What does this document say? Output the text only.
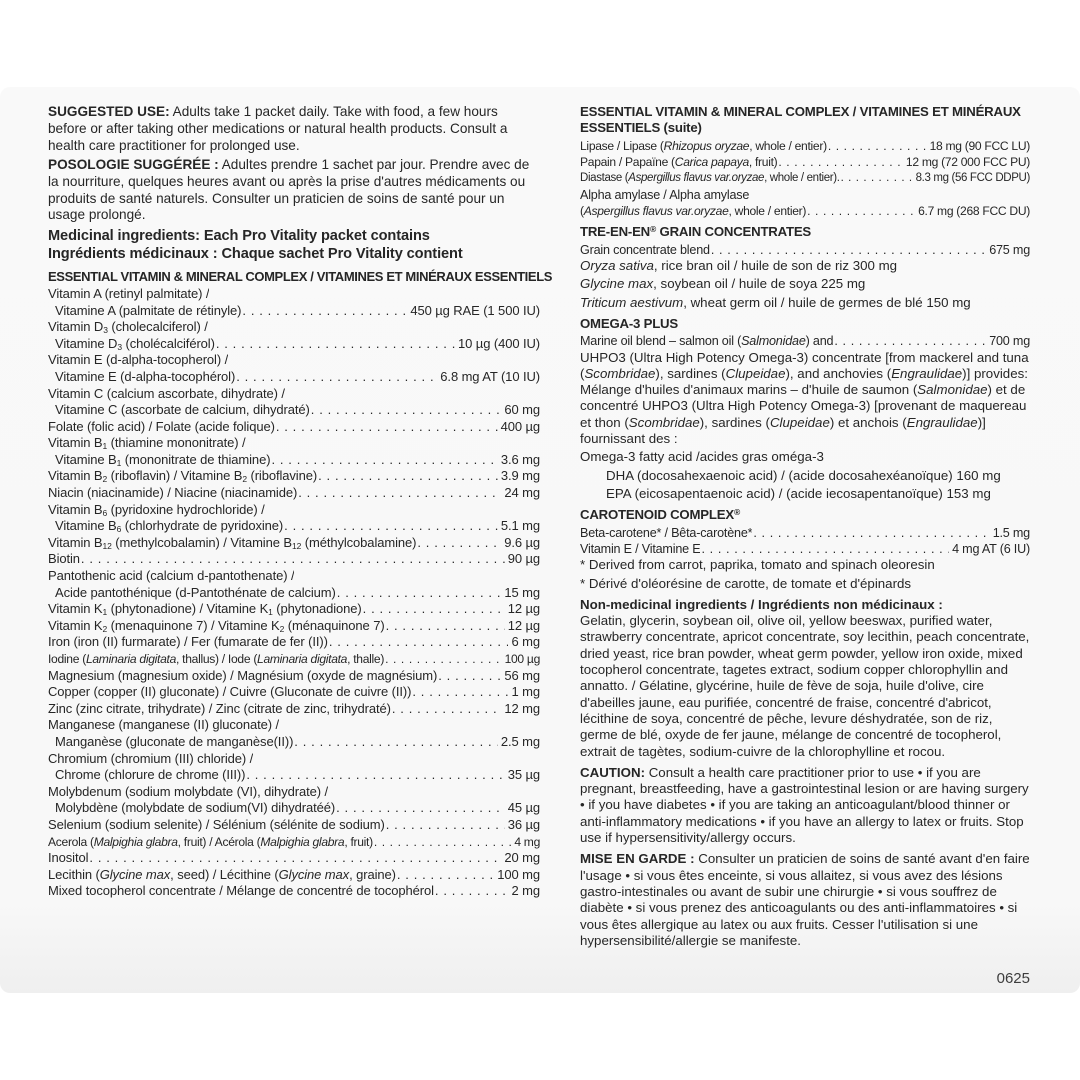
SUGGESTED USE: Adults take 1 packet daily. Take with food, a few hours before or after taking other medications or natural health products. Consult a health care practitioner for prolonged use.
POSOLOGIE SUGGÉRÉE : Adultes prendre 1 sachet par jour. Prendre avec de la nourriture, quelques heures avant ou après la prise d'autres médicaments ou produits de santé naturels. Consulter un praticien de soins de santé pour un usage prolongé.
Medicinal ingredients: Each Pro Vitality packet contains
Ingrédients médicinaux : Chaque sachet Pro Vitality contient
ESSENTIAL VITAMIN & MINERAL COMPLEX / VITAMINES ET MINÉRAUX ESSENTIELS
Vitamin A (retinyl palmitate) /
Vitamine A (palmitate de rétinyle) . . .	450 µg RAE (1 500 IU)
Vitamin $D_3$ (cholecalciferol) /
Vitamine $D_3$ (cholécalciférol) . . .	10 µg (400 IU)
Vitamin E (d-alpha-tocopherol) /
Vitamine E (d-alpha-tocophérol) . . .	6.8 mg AT (10 IU)
Vitamin C (calcium ascorbate, dihydrate) /
Vitamine C (ascorbate de calcium, dihydraté) . . .	60 mg
Folate (folic acid) / Folate (acide folique) . . .	400 µg
Vitamin $B_1$ (thiamine mononitrate) /
Vitamine $B_1$ (mononitrate de thiamine) . . .	3.6 mg
Vitamin $B_2$ (riboflavin) / Vitamine $B_2$ (riboflavine) . . .	3.9 mg
Niacin (niacinamide) / Niacine (niacinamide) . . .	24 mg
Vitamin $B_6$ (pyridoxine hydrochloride) /
Vitamine $B_6$ (chlorhydrate de pyridoxine) . . .	5.1 mg
Vitamin $B_{12}$ (methylcobalamin) / Vitamine $B_{12}$ (méthylcobalamine) . . .	9.6 µg
Biotin . . .	90 µg
Pantothenic acid (calcium d-pantothenate) /
Acide pantothénique (d-Pantothénate de calcium) . . .	15 mg
Vitamin $K_1$ (phytonadione) / Vitamine $K_1$ (phytonadione) . . .	12 µg
Vitamin $K_2$ (menaquinone 7) / Vitamine $K_2$ (ménaquinone 7) . . .	12 µg
Iron (iron (II) furmarate) / Fer (fumarate de fer (II)) . . .	6 mg
Iodine (Laminaria digitata, thallus) / Iode (Laminaria digitata, thalle) . . .	100 µg
Magnesium (magnesium oxide) / Magnésium (oxyde de magnésium) . . .	56 mg
Copper (copper (II) gluconate) / Cuivre (Gluconate de cuivre (II)) . . .	1 mg
Zinc (zinc citrate, trihydrate) / Zinc (citrate de zinc, trihydraté) . . .	12 mg
Manganese (manganese (II) gluconate) /
Manganèse (gluconate de manganèse(II)) . . .	2.5 mg
Chromium (chromium (III) chloride) /
Chrome (chlorure de chrome (III)) . . .	35 µg
Molybdenum (sodium molybdate (VI), dihydrate) /
Molybdène (molybdate de sodium(VI) dihydratéé) . . .	45 µg
Selenium (sodium selenite) / Sélénium (sélénite de sodium) . . .	36 µg
Acerola (Malpighia glabra, fruit) / Acérola (Malpighia glabra, fruit) . . .	4 mg
Inositol . . .	20 mg
Lecithin (Glycine max, seed) / Lécithine (Glycine max, graine) . . .	100 mg
Mixed tocopherol concentrate / Mélange de concentré de tocophérol . . .	2 mg
ESSENTIAL VITAMIN & MINERAL COMPLEX / VITAMINES ET MINÉRAUX ESSENTIELS (suite)
Lipase / Lipase (Rhizopus oryzae, whole / entier) . . .	18 mg (90 FCC LU)
Papain / Papaïne (Carica papaya, fruit) . . .	12 mg (72 000 FCC PU)
Diastase (Aspergillus flavus var.oryzae, whole / entier). . . .	8.3 mg (56 FCC DDPU)
Alpha amylase / Alpha amylase
(Aspergillus flavus var.oryzae, whole / entier) . . .	6.7 mg (268 FCC DU)
TRE-EN-EN® GRAIN CONCENTRATES
Grain concentrate blend . . .	675 mg
Oryza sativa, rice bran oil / huile de son de riz 300 mg
Glycine max, soybean oil / huile de soya 225 mg
Triticum aestivum, wheat germ oil / huile de germes de blé 150 mg
OMEGA-3 PLUS
Marine oil blend – salmon oil (Salmonidae) and . . .	700 mg
UHPO3 (Ultra High Potency Omega-3) concentrate [from mackerel and tuna (Scombridae), sardines (Clupeidae), and anchovies (Engraulidae)] provides: Mélange d'huiles d'animaux marins – d'huile de saumon (Salmonidae) et de concentré UHPO3 (Ultra High Potency Omega-3) [provenant de maquereau et thon (Scombridae), sardines (Clupeidae) et anchois (Engraulidae)] fournissant des :
Omega-3 fatty acid /acides gras oméga-3
DHA (docosahexaenoic acid) / (acide docosahexéanoïque) 160 mg
EPA (eicosapentaenoic acid) / (acide iecosapentanoïque) 153 mg
CAROTENOID COMPLEX®
Beta-carotene* / Bêta-carotène* . . .	1.5 mg
Vitamin E / Vitamine E . . .	4 mg AT (6 IU)
* Derived from carrot, paprika, tomato and spinach oleoresin
* Dérivé d'oléorésine de carotte, de tomate et d'épinards
Non-medicinal ingredients / Ingrédients non médicinaux :
Gelatin, glycerin, soybean oil, olive oil, yellow beeswax, purified water, strawberry concentrate, apricot concentrate, soy lecithin, peach concentrate, dried yeast, rice bran powder, wheat germ powder, yellow iron oxide, mixed tocopherol concentrate, tagetes extract, sodium copper chlorophyllin and annatto. / Gélatine, glycérine, huile de fève de soja, huile d'olive, cire d'abeilles jaune, eau purifiée, concentré de fraise, concentré d'abricot, lécithine de soya, concentré de pêche, levure déshydratée, son de riz, germe de blé, oxyde de fer jaune, mélange de concentré de tocopherol, extrait de tagètes, sodium-cuivre de la chlorophylline et rocou.
CAUTION: Consult a health care practitioner prior to use • if you are pregnant, breastfeeding, have a gastrointestinal lesion or are having surgery • if you have diabetes • if you are taking an anticoagulant/blood thinner or anti-inflammatory medications • if you have an allergy to latex or fruits. Stop use if hypersensitivity/allergy occurs.
MISE EN GARDE : Consulter un praticien de soins de santé avant d'en faire l'usage • si vous êtes enceinte, si vous allaitez, si vous avez des lésions gastro-intestinales ou avant de subir une chirurgie • si vous souffrez de diabète • si vous prenez des anticoagulants ou des anti-inflammatoires • si vous êtes allergique au latex ou aux fruits. Cesser l'utilisation si une hypersensibilité/allergie se manifeste.
0625
